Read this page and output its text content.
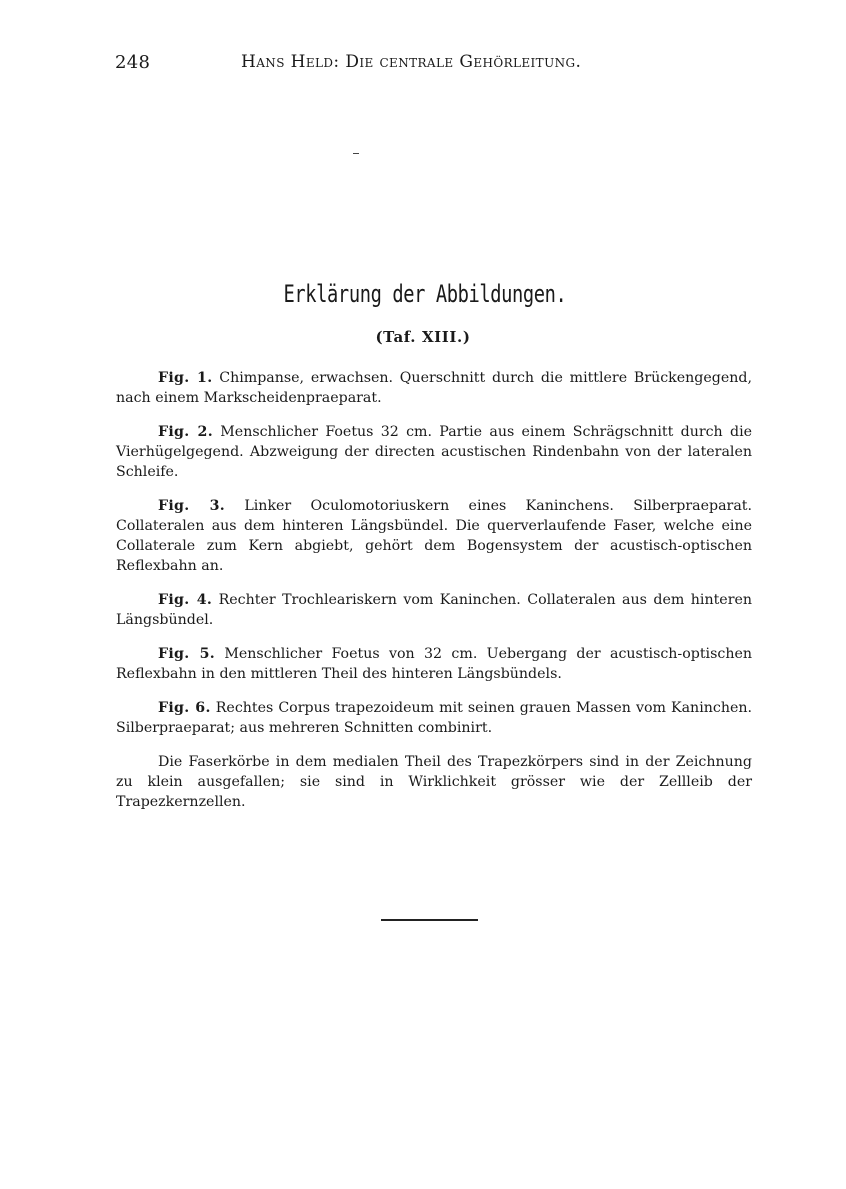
248	Hans Held: Die centrale Gehörleitung.
Erklärung der Abbildungen.
(Taf. XIII.)

Fig. 1. Chimpanse, erwachsen. Querschnitt durch die mittlere Brückengegend, nach einem Markscheidenpraeparat.

Fig. 2. Menschlicher Foetus 32 cm. Partie aus einem Schrägschnitt durch die Vierhügelgegend. Abzweigung der directen acustischen Rindenbahn von der lateralen Schleife.

Fig. 3. Linker Oculomotoriuskern eines Kaninchens. Silberpraeparat. Collateralen aus dem hinteren Längsbündel. Die querverlaufende Faser, welche eine Collaterale zum Kern abgiebt, gehört dem Bogensystem der acustisch-optischen Reflexbahn an.

Fig. 4. Rechter Trochleariskern vom Kaninchen. Collateralen aus dem hinteren Längsbündel.

Fig. 5. Menschlicher Foetus von 32 cm. Uebergang der acustisch-optischen Reflexbahn in den mittleren Theil des hinteren Längsbündels.

Fig. 6. Rechtes Corpus trapezoideum mit seinen grauen Massen vom Kaninchen. Silberpraeparat; aus mehreren Schnitten combinirt.

Die Faserkörbe in dem medialen Theil des Trapezkörpers sind in der Zeichnung zu klein ausgefallen; sie sind in Wirklichkeit grösser wie der Zellleib der Trapezkernzellen.
